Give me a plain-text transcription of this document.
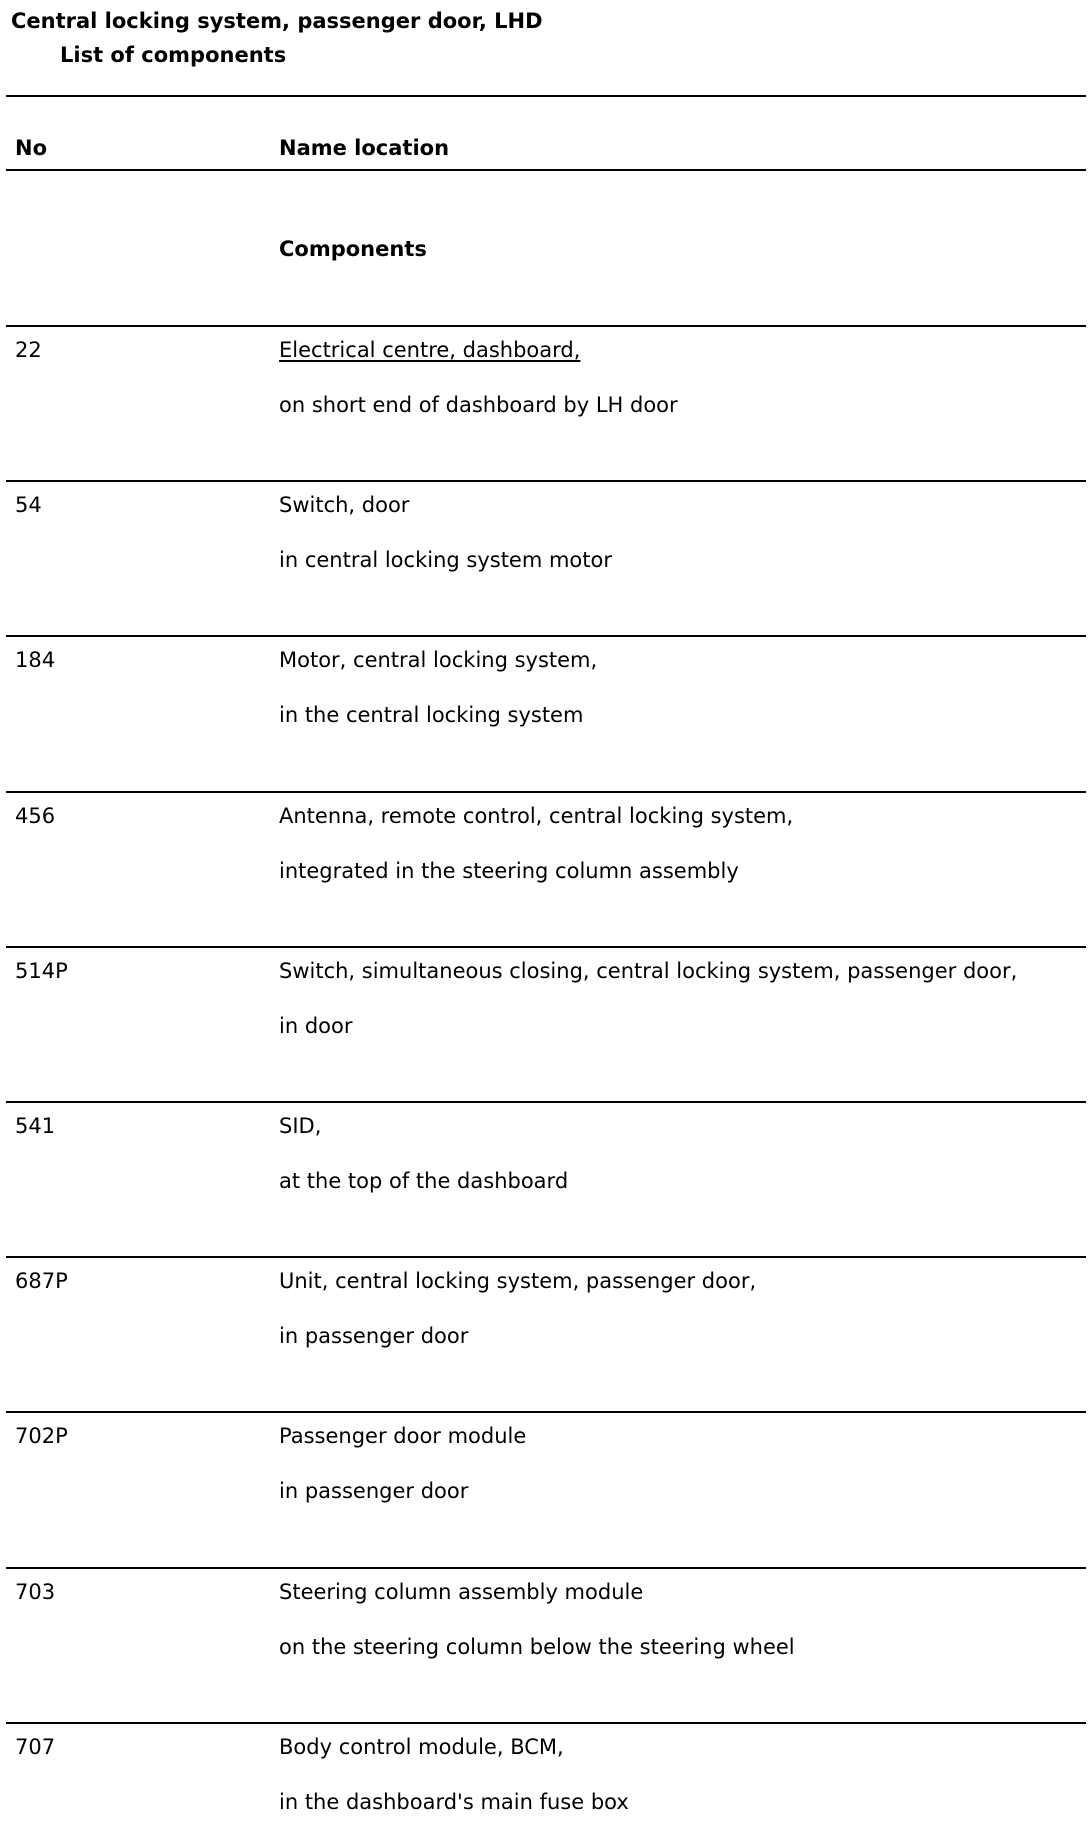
Central locking system, passenger door, LHD
List of components
No	Name location
Components
22	Electrical centre, dashboard,
on short end of dashboard by LH door
54	Switch, door
in central locking system motor
184	Motor, central locking system,
in the central locking system
456	Antenna, remote control, central locking system,
integrated in the steering column assembly
514P	Switch, simultaneous closing, central locking system, passenger door,
in door
541	SID,
at the top of the dashboard
687P	Unit, central locking system, passenger door,
in passenger door
702P	Passenger door module
in passenger door
703	Steering column assembly module
on the steering column below the steering wheel
707	Body control module, BCM,
in the dashboard's main fuse box
